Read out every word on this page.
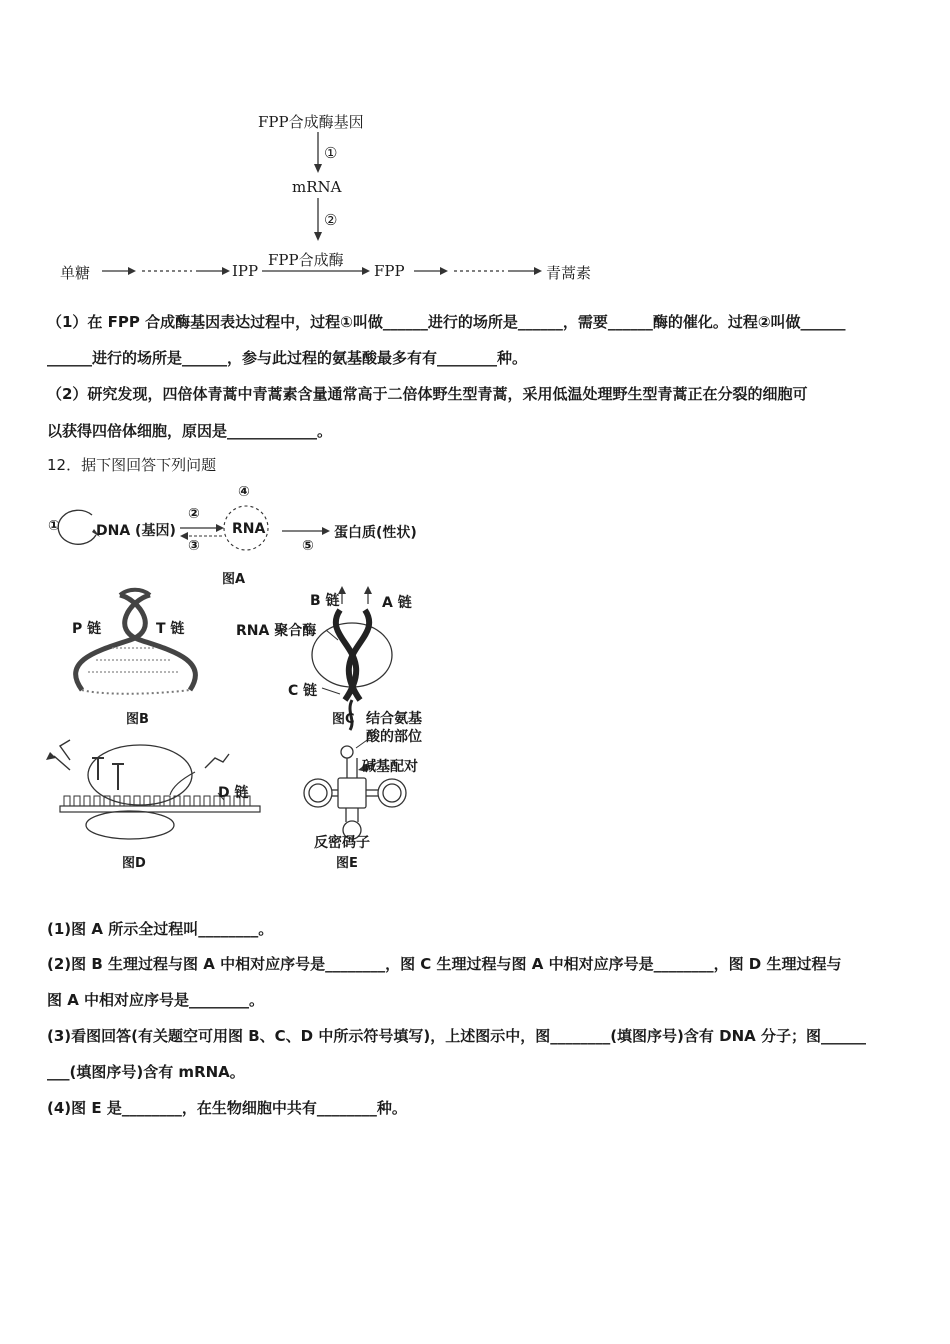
FPP合成酶基因
①
mRNA
②
单糖	IPP
FPP合成酶
FPP	青蒿素
（1）在 FPP 合成酶基因表达过程中，过程①叫做______进行的场所是______，需要______酶的催化。过程②叫做______
______进行的场所是______，参与此过程的氨基酸最多有有________种。
（2）研究发现，四倍体青蒿中青蒿素含量通常高于二倍体野生型青蒿，采用低温处理野生型青蒿正在分裂的细胞可
以获得四倍体细胞，原因是____________。
12．据下图回答下列问题
①	DNA (基因)
②
③
④
RNA
⑤
蛋白质(性状)
图A
P 链	T 链
图B
B 链	A 链
RNA 聚合酶
C 链
图C
D 链
图D
结合氨基
酸的部位
碱基配对
反密码子
图E
(1)图 A 所示全过程叫________。
(2)图 B 生理过程与图 A 中相对应序号是________，图 C 生理过程与图 A 中相对应序号是________，图 D 生理过程与
图 A 中相对应序号是________。
(3)看图回答(有关题空可用图 B、C、D 中所示符号填写)，上述图示中，图________(填图序号)含有 DNA 分子；图______
___(填图序号)含有 mRNA。
(4)图 E 是________，在生物细胞中共有________种。
